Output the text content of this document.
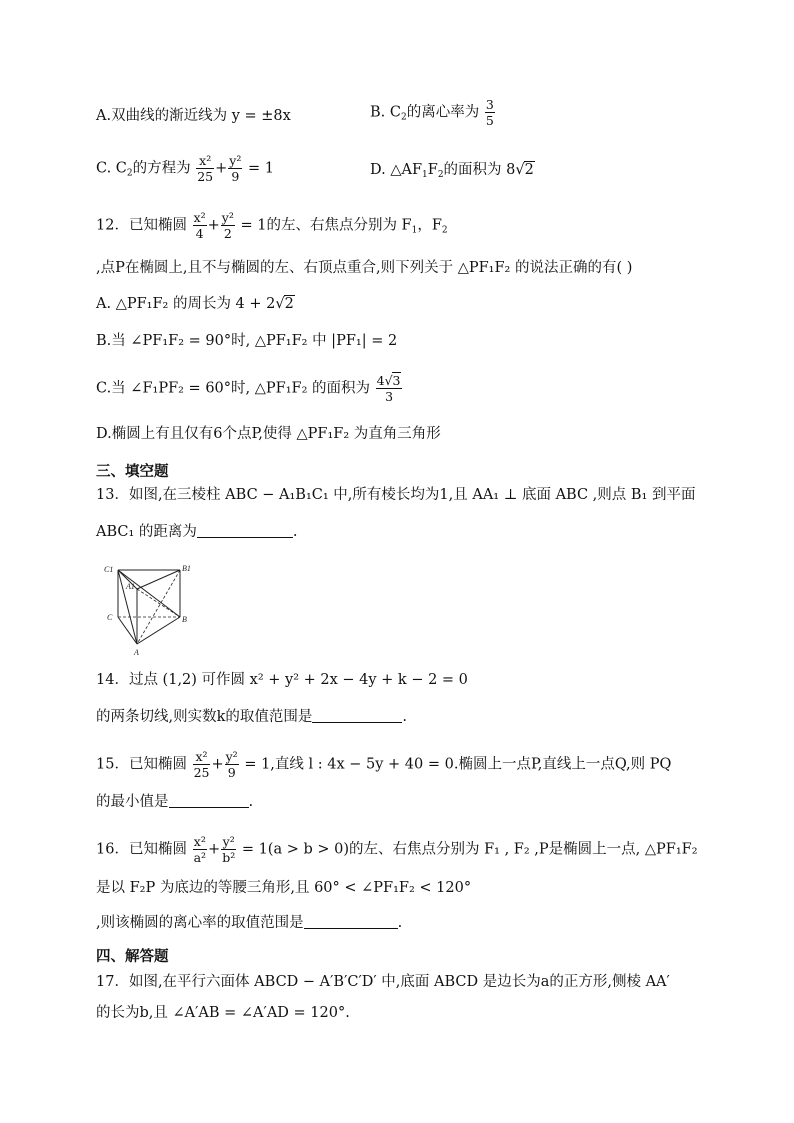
A.双曲线的渐近线为 y = ±8x	B. $C_2$的离心率为 $\frac{3}{5}$
C. $C_2$的方程为 $\frac{\text{x²}}{25} + \frac{\text{y²}}{9} = 1$	D. $\triangle AF_1F_2$的面积为 8√2
12．已知椭圆 $\frac{\text{x²}}{4} + \frac{\text{y²}}{2} = 1$的左、右焦点分别为 $F_1$，$F_2$
,点P在椭圆上,且不与椭圆的左、右顶点重合,则下列关于 △PF₁F₂ 的说法正确的有( )
A. △PF₁F₂ 的周长为 4 + 2√2
B.当 ∠PF₁F₂ = 90°时, △PF₁F₂ 中 |PF₁| = 2
C.当 ∠F₁PF₂ = 60°时, △PF₁F₂ 的面积为 $\frac{4√3}{3}$
D.椭圆上有且仅有6个点P,使得 △PF₁F₂ 为直角三角形
三、填空题
13．如图,在三棱柱 ABC − A₁B₁C₁ 中,所有棱长均为1,且 AA₁ ⊥ 底面 ABC ,则点 B₁ 到平面
ABC₁ 的距离为	.
C1	B1
A1
C	B
A
14．过点 (1,2) 可作圆 x² + y² + 2x − 4y + k − 2 = 0
的两条切线,则实数k的取值范围是	.
15．已知椭圆 $\frac{\text{x²}}{25} + \frac{\text{y²}}{9} = 1$,直线 l : 4x − 5y + 40 = 0.椭圆上一点P,直线上一点Q,则 PQ
的最小值是	.
16．已知椭圆 $\frac{\text{x²}}{\text{a²}} + \frac{\text{y²}}{\text{b²}} = 1(a > b > 0)$的左、右焦点分别为 F₁ , F₂ ,P是椭圆上一点, △PF₁F₂
是以 F₂P 为底边的等腰三角形,且 60° < ∠PF₁F₂ < 120°
,则该椭圆的离心率的取值范围是	.
四、解答题
17．如图,在平行六面体 ABCD − A′B′C′D′ 中,底面 ABCD 是边长为a的正方形,侧棱 AA′
的长为b,且 ∠A′AB = ∠A′AD = 120°.
